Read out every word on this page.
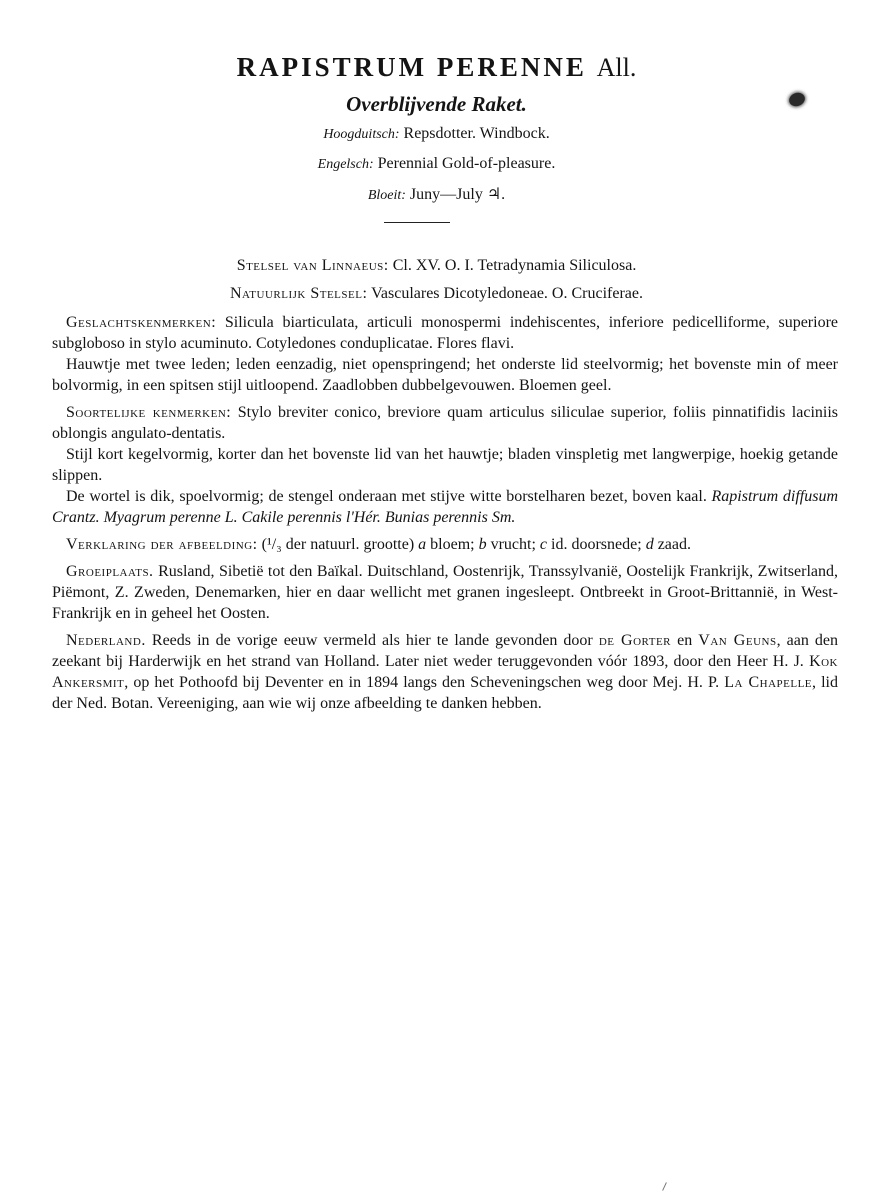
RAPISTRUM PERENNE All.
Overblijvende Raket.
Hoogduitsch: Repsdotter. Windbock.
Engelsch: Perennial Gold-of-pleasure.
Bloeit: Juny—July ♃.
Stelsel van Linnaeus: Cl. XV. O. I. Tetradynamia Siliculosa.
Natuurlijk Stelsel: Vasculares Dicotyledoneae. O. Cruciferae.

Geslachtskenmerken: Silicula biarticulata, articuli monospermi indehiscentes, inferiore pedicelliforme, superiore subgloboso in stylo acuminuto. Cotyledones conduplicatae. Flores flavi.

Hauwtje met twee leden; leden eenzadig, niet openspringend; het onderste lid steelvormig; het bovenste min of meer bolvormig, in een spitsen stijl uitloopend. Zaadlobben dubbelgevouwen. Bloemen geel.

Soortelijke kenmerken: Stylo breviter conico, breviore quam articulus siliculae superior, foliis pinnatifidis laciniis oblongis angulato-dentatis.

Stijl kort kegelvormig, korter dan het bovenste lid van het hauwtje; bladen vinspletig met langwerpige, hoekig getande slippen.

De wortel is dik, spoelvormig; de stengel onderaan met stijve witte borstelharen bezet, boven kaal. Rapistrum diffusum Crantz. Myagrum perenne L. Cakile perennis l'Hér. Bunias perennis Sm.

Verklaring der afbeelding: (¹/₃ der natuurl. grootte) a bloem; b vrucht; c id. doorsnede; d zaad.

Groeiplaats. Rusland, Sibetië tot den Baïkal. Duitschland, Oostenrijk, Transsylvanië, Oostelijk Frankrijk, Zwitserland, Piëmont, Z. Zweden, Denemarken, hier en daar wellicht met granen ingesleept. Ontbreekt in Groot-Brittannië, in West-Frankrijk en in geheel het Oosten.

Nederland. Reeds in de vorige eeuw vermeld als hier te lande gevonden door de Gorter en Van Geuns, aan den zeekant bij Harderwijk en het strand van Holland. Later niet weder teruggevonden vóór 1893, door den Heer H. J. Kok Ankersmit, op het Pothoofd bij Deventer en in 1894 langs den Scheveningschen weg door Mej. H. P. La Chapelle, lid der Ned. Botan. Vereeniging, aan wie wij onze afbeelding te danken hebben.
